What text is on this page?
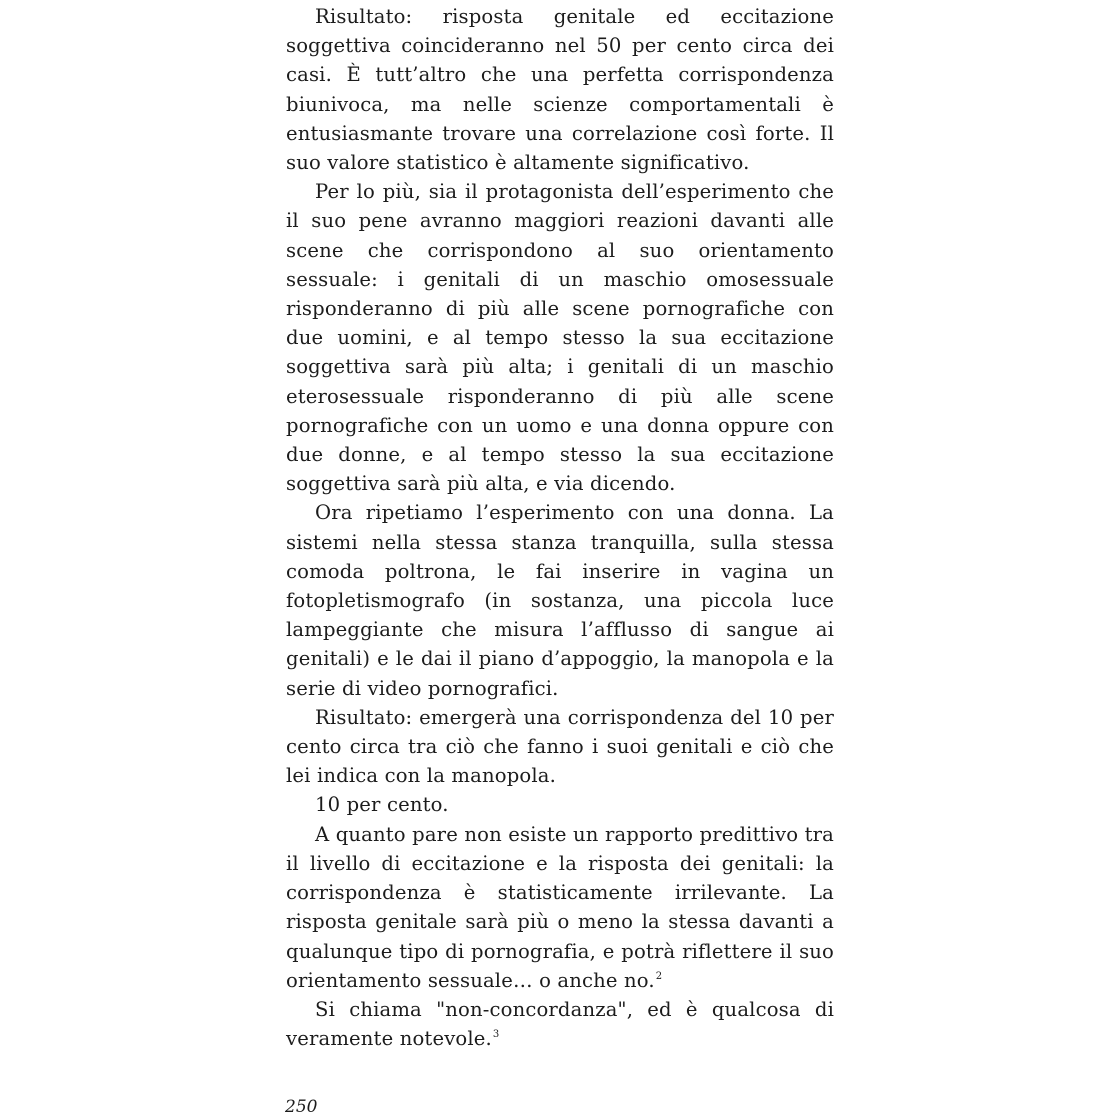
Risultato: risposta genitale ed eccitazione soggettiva coincideranno nel 50 per cento circa dei casi. È tutt’altro che una perfetta corrispondenza biunivoca, ma nelle scienze comportamentali è entusiasmante trovare una correlazione così forte. Il suo valore statistico è altamente significativo.

Per lo più, sia il protagonista dell’esperimento che il suo pene avranno maggiori reazioni davanti alle scene che corrispondono al suo orientamento sessuale: i genitali di un maschio omosessuale risponderanno di più alle scene pornografiche con due uomini, e al tempo stesso la sua eccitazione soggettiva sarà più alta; i genitali di un maschio eterosessuale risponderanno di più alle scene pornografiche con un uomo e una donna oppure con due donne, e al tempo stesso la sua eccitazione soggettiva sarà più alta, e via dicendo.

Ora ripetiamo l’esperimento con una donna. La sistemi nella stessa stanza tranquilla, sulla stessa comoda poltrona, le fai inserire in vagina un fotopletismografo (in sostanza, una piccola luce lampeggiante che misura l’afflusso di sangue ai genitali) e le dai il piano d’appoggio, la manopola e la serie di video pornografici.

Risultato: emergerà una corrispondenza del 10 per cento circa tra ciò che fanno i suoi genitali e ciò che lei indica con la manopola.

10 per cento.

A quanto pare non esiste un rapporto predittivo tra il livello di eccitazione e la risposta dei genitali: la corrispondenza è statisticamente irrilevante. La risposta genitale sarà più o meno la stessa davanti a qualunque tipo di pornografia, e potrà riflettere il suo orientamento sessuale… o anche no.$^2$

Si chiama "non-concordanza", ed è qualcosa di veramente notevole.$^3$

250
